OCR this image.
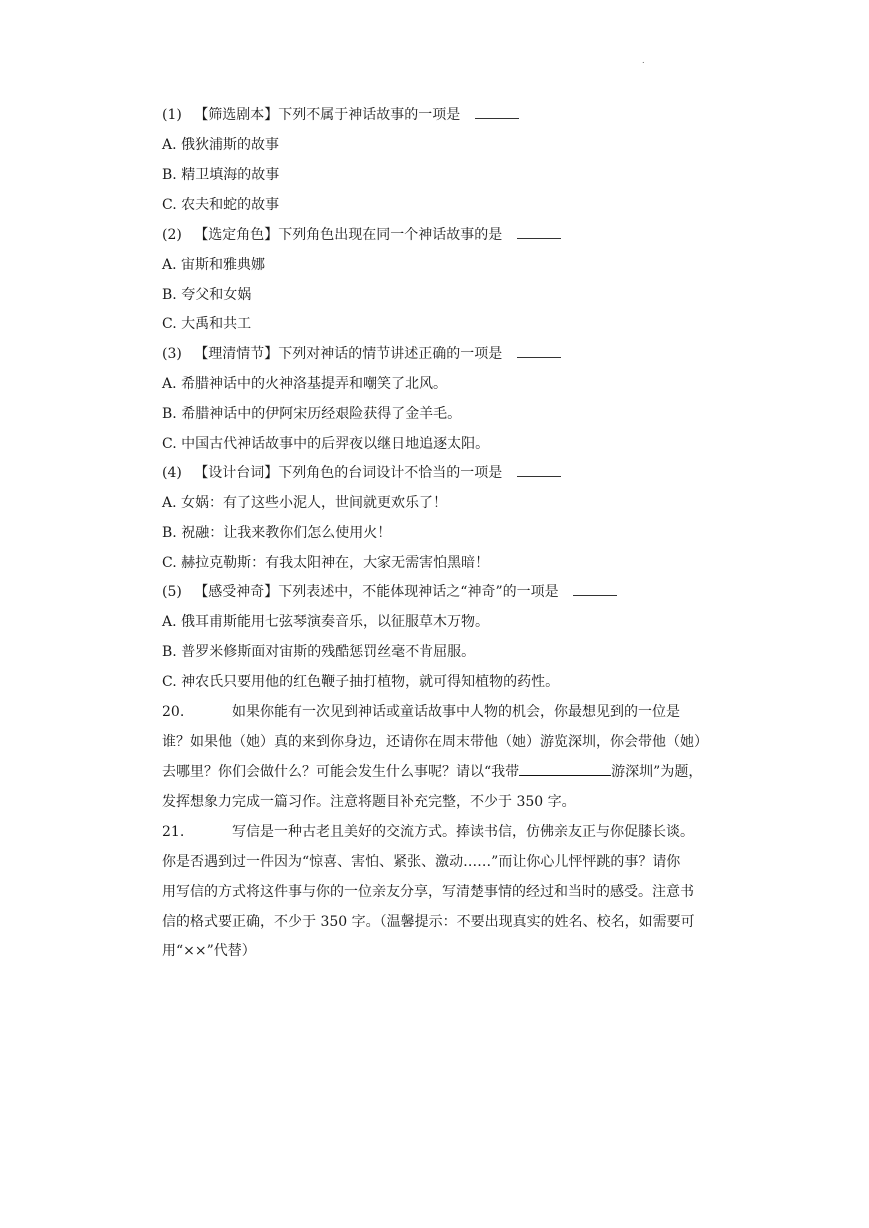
.
(1) 【筛选剧本】下列不属于神话故事的一项是
A. 俄狄浦斯的故事
B. 精卫填海的故事
C. 农夫和蛇的故事
(2) 【选定角色】下列角色出现在同一个神话故事的是
A. 宙斯和雅典娜
B. 夸父和女娲
C. 大禹和共工
(3) 【理清情节】下列对神话的情节讲述正确的一项是
A. 希腊神话中的火神洛基提弄和嘲笑了北风。
B. 希腊神话中的伊阿宋历经艰险获得了金羊毛。
C. 中国古代神话故事中的后羿夜以继日地追逐太阳。
(4) 【设计台词】下列角色的台词设计不恰当的一项是
A. 女娲：有了这些小泥人，世间就更欢乐了！
B. 祝融：让我来教你们怎么使用火！
C. 赫拉克勒斯：有我太阳神在，大家无需害怕黑暗！
(5) 【感受神奇】下列表述中，不能体现神话之“神奇”的一项是
A. 俄耳甫斯能用七弦琴演奏音乐，以征服草木万物。
B. 普罗米修斯面对宙斯的残酷惩罚丝毫不肯屈服。
C. 神农氏只要用他的红色鞭子抽打植物，就可得知植物的药性。
20.	如果你能有一次见到神话或童话故事中人物的机会，你最想见到的一位是
谁？如果他（她）真的来到你身边，还请你在周末带他（她）游览深圳，你会带他（她）
去哪里？你们会做什么？可能会发生什么事呢？请以“我带	游深圳”为题，
发挥想象力完成一篇习作。注意将题目补充完整，不少于 350 字。
21.	写信是一种古老且美好的交流方式。捧读书信，仿佛亲友正与你促膝长谈。
你是否遇到过一件因为“惊喜、害怕、紧张、激动……”而让你心儿怦怦跳的事？请你
用写信的方式将这件事与你的一位亲友分享，写清楚事情的经过和当时的感受。注意书
信的格式要正确，不少于 350 字。（温馨提示：不要出现真实的姓名、校名，如需要可
用“××”代替）
